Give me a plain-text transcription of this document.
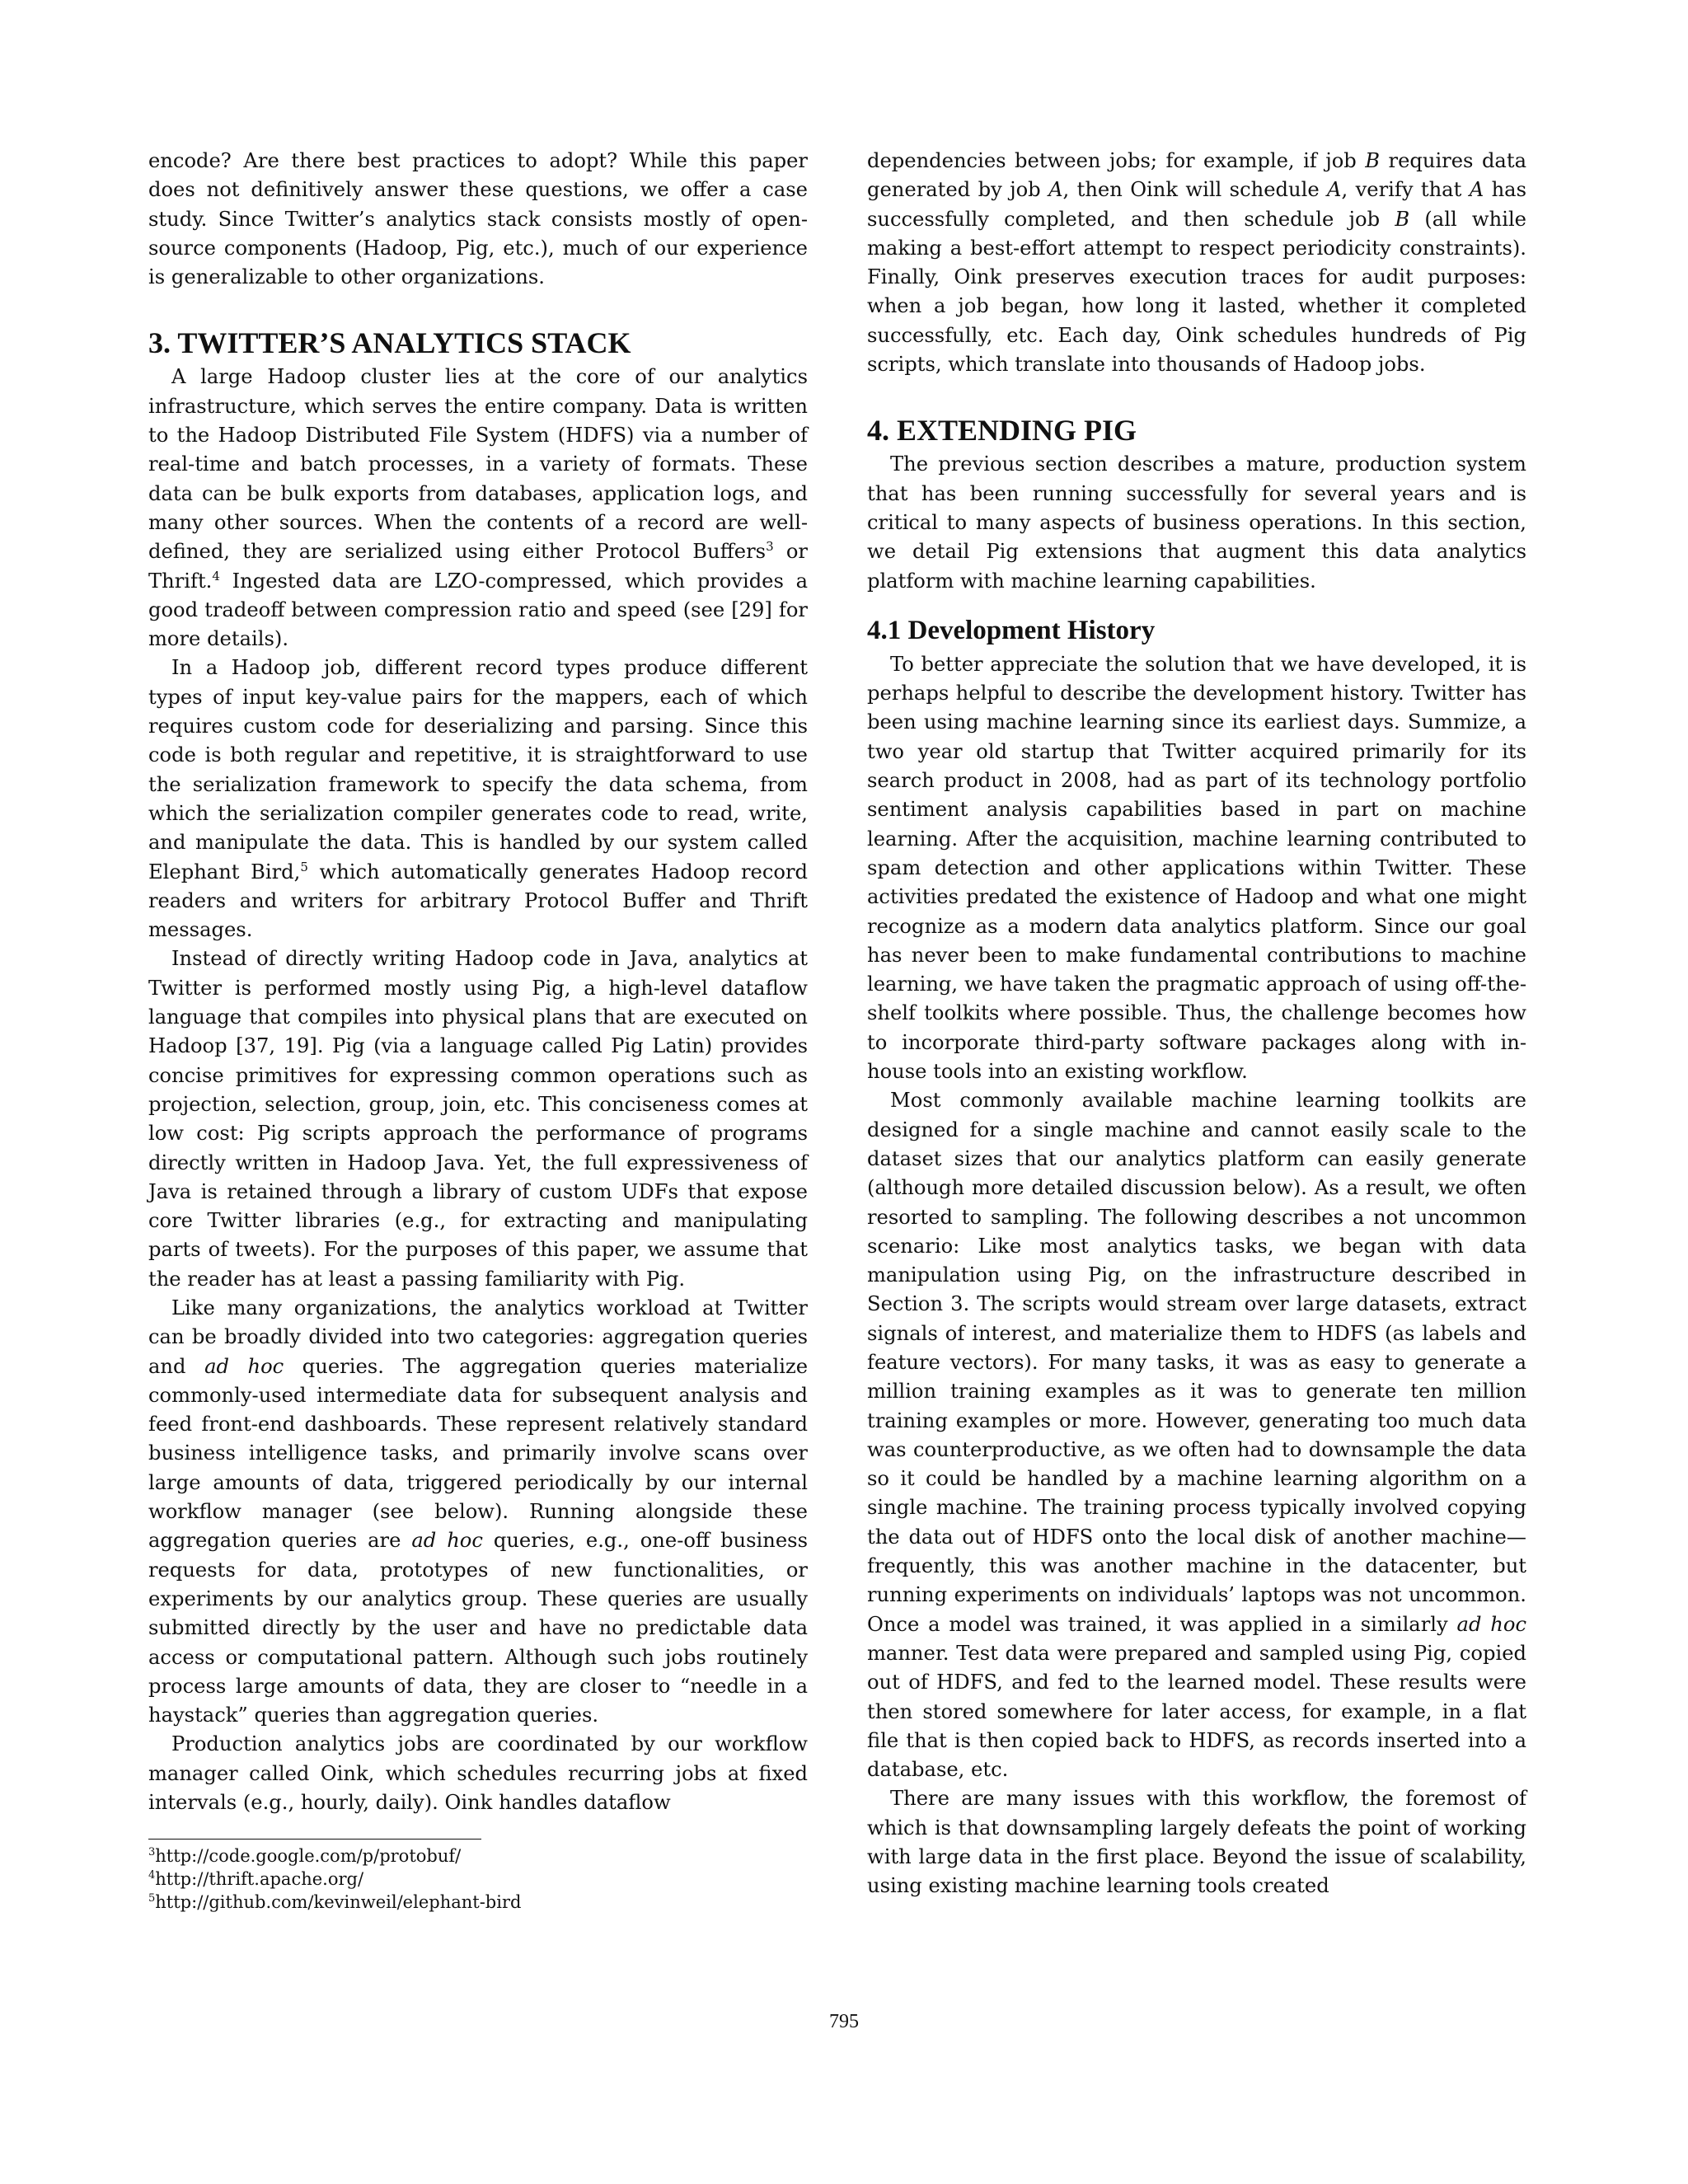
encode? Are there best practices to adopt? While this paper does not definitively answer these questions, we offer a case study. Since Twitter’s analytics stack consists mostly of open-source components (Hadoop, Pig, etc.), much of our experience is generalizable to other organizations.

3. TWITTER’S ANALYTICS STACK

A large Hadoop cluster lies at the core of our analytics infrastructure, which serves the entire company. Data is written to the Hadoop Distributed File System (HDFS) via a number of real-time and batch processes, in a variety of formats. These data can be bulk exports from databases, application logs, and many other sources. When the contents of a record are well-defined, they are serialized using either Protocol Buffers$^3$ or Thrift.$^4$ Ingested data are LZO-compressed, which provides a good tradeoff between compression ratio and speed (see [29] for more details).

In a Hadoop job, different record types produce different types of input key-value pairs for the mappers, each of which requires custom code for deserializing and parsing. Since this code is both regular and repetitive, it is straightforward to use the serialization framework to specify the data schema, from which the serialization compiler generates code to read, write, and manipulate the data. This is handled by our system called Elephant Bird,$^5$ which automatically generates Hadoop record readers and writers for arbitrary Protocol Buffer and Thrift messages.

Instead of directly writing Hadoop code in Java, analytics at Twitter is performed mostly using Pig, a high-level dataflow language that compiles into physical plans that are executed on Hadoop [37, 19]. Pig (via a language called Pig Latin) provides concise primitives for expressing common operations such as projection, selection, group, join, etc. This conciseness comes at low cost: Pig scripts approach the performance of programs directly written in Hadoop Java. Yet, the full expressiveness of Java is retained through a library of custom UDFs that expose core Twitter libraries (e.g., for extracting and manipulating parts of tweets). For the purposes of this paper, we assume that the reader has at least a passing familiarity with Pig.

Like many organizations, the analytics workload at Twitter can be broadly divided into two categories: aggregation queries and ad hoc queries. The aggregation queries materialize commonly-used intermediate data for subsequent analysis and feed front-end dashboards. These represent relatively standard business intelligence tasks, and primarily involve scans over large amounts of data, triggered periodically by our internal workflow manager (see below). Running alongside these aggregation queries are ad hoc queries, e.g., one-off business requests for data, prototypes of new functionalities, or experiments by our analytics group. These queries are usually submitted directly by the user and have no predictable data access or computational pattern. Although such jobs routinely process large amounts of data, they are closer to “needle in a haystack” queries than aggregation queries.

Production analytics jobs are coordinated by our workflow manager called Oink, which schedules recurring jobs at fixed intervals (e.g., hourly, daily). Oink handles dataflow

$^3$http://code.google.com/p/protobuf/

$^4$http://thrift.apache.org/

$^5$http://github.com/kevinweil/elephant-bird

dependencies between jobs; for example, if job B requires data generated by job A, then Oink will schedule A, verify that A has successfully completed, and then schedule job B (all while making a best-effort attempt to respect periodicity constraints). Finally, Oink preserves execution traces for audit purposes: when a job began, how long it lasted, whether it completed successfully, etc. Each day, Oink schedules hundreds of Pig scripts, which translate into thousands of Hadoop jobs.

4. EXTENDING PIG

The previous section describes a mature, production system that has been running successfully for several years and is critical to many aspects of business operations. In this section, we detail Pig extensions that augment this data analytics platform with machine learning capabilities.

4.1 Development History

To better appreciate the solution that we have developed, it is perhaps helpful to describe the development history. Twitter has been using machine learning since its earliest days. Summize, a two year old startup that Twitter acquired primarily for its search product in 2008, had as part of its technology portfolio sentiment analysis capabilities based in part on machine learning. After the acquisition, machine learning contributed to spam detection and other applications within Twitter. These activities predated the existence of Hadoop and what one might recognize as a modern data analytics platform. Since our goal has never been to make fundamental contributions to machine learning, we have taken the pragmatic approach of using off-the-shelf toolkits where possible. Thus, the challenge becomes how to incorporate third-party software packages along with in-house tools into an existing workflow.

Most commonly available machine learning toolkits are designed for a single machine and cannot easily scale to the dataset sizes that our analytics platform can easily generate (although more detailed discussion below). As a result, we often resorted to sampling. The following describes a not uncommon scenario: Like most analytics tasks, we began with data manipulation using Pig, on the infrastructure described in Section 3. The scripts would stream over large datasets, extract signals of interest, and materialize them to HDFS (as labels and feature vectors). For many tasks, it was as easy to generate a million training examples as it was to generate ten million training examples or more. However, generating too much data was counterproductive, as we often had to downsample the data so it could be handled by a machine learning algorithm on a single machine. The training process typically involved copying the data out of HDFS onto the local disk of another machine—frequently, this was another machine in the datacenter, but running experiments on individuals’ laptops was not uncommon. Once a model was trained, it was applied in a similarly ad hoc manner. Test data were prepared and sampled using Pig, copied out of HDFS, and fed to the learned model. These results were then stored somewhere for later access, for example, in a flat file that is then copied back to HDFS, as records inserted into a database, etc.

There are many issues with this workflow, the foremost of which is that downsampling largely defeats the point of working with large data in the first place. Beyond the issue of scalability, using existing machine learning tools created

795
